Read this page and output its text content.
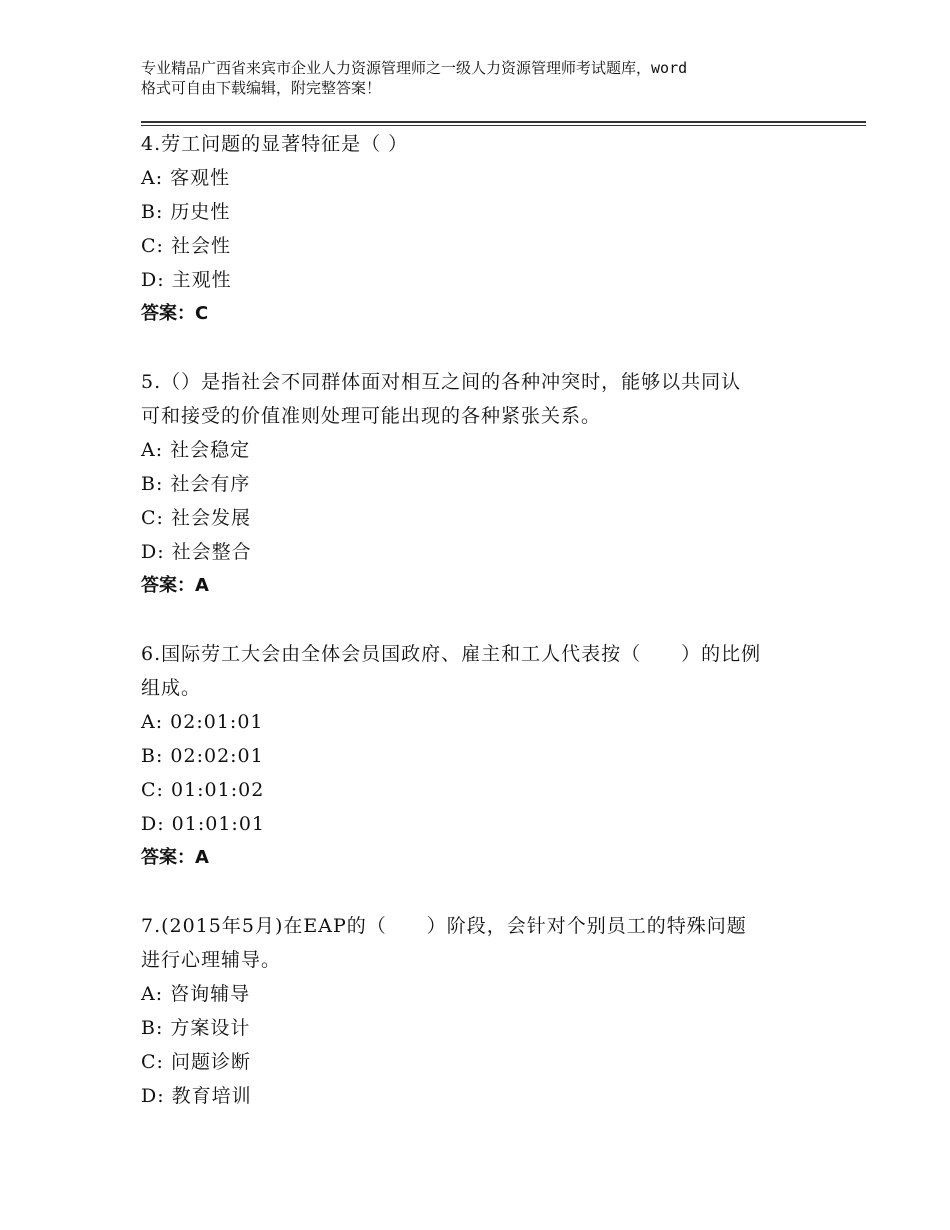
专业精品广西省来宾市企业人力资源管理师之一级人力资源管理师考试题库，word
格式可自由下载编辑，附完整答案！
4.劳工问题的显著特征是（ ）
A: 客观性
B: 历史性
C: 社会性
D: 主观性
答案：C
5.（）是指社会不同群体面对相互之间的各种冲突时，能够以共同认
可和接受的价值准则处理可能出现的各种紧张关系。
A: 社会稳定
B: 社会有序
C: 社会发展
D: 社会整合
答案：A
6.国际劳工大会由全体会员国政府、雇主和工人代表按（　　）的比例
组成。
A: 02:01:01
B: 02:02:01
C: 01:01:02
D: 01:01:01
答案：A
7.(2015年5月)在EAP的（　　）阶段，会针对个别员工的特殊问题
进行心理辅导。
A: 咨询辅导
B: 方案设计
C: 问题诊断
D: 教育培训
